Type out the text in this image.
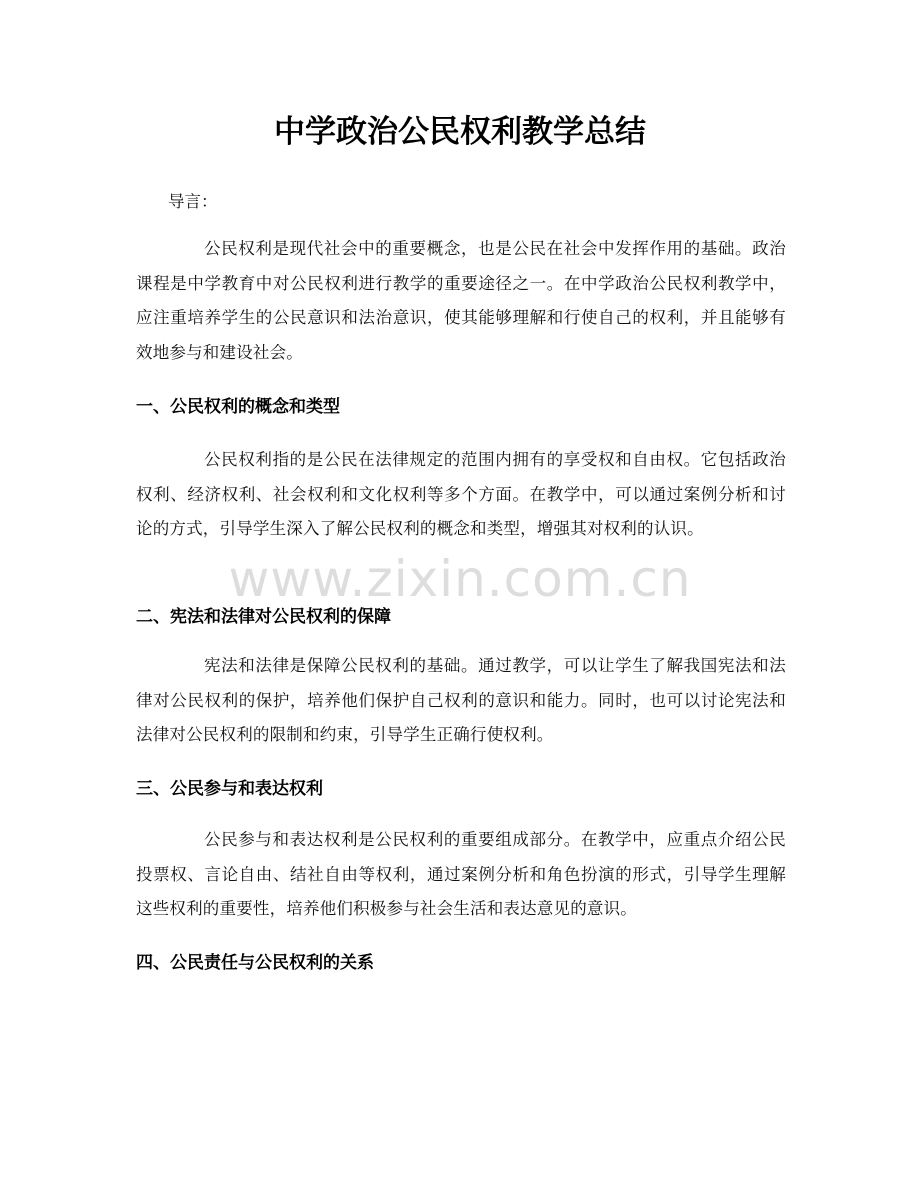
中学政治公民权利教学总结

导言：

公民权利是现代社会中的重要概念，也是公民在社会中发挥作用的基础。政治课程是中学教育中对公民权利进行教学的重要途径之一。在中学政治公民权利教学中，应注重培养学生的公民意识和法治意识，使其能够理解和行使自己的权利，并且能够有效地参与和建设社会。

一、公民权利的概念和类型

公民权利指的是公民在法律规定的范围内拥有的享受权和自由权。它包括政治权利、经济权利、社会权利和文化权利等多个方面。在教学中，可以通过案例分析和讨论的方式，引导学生深入了解公民权利的概念和类型，增强其对权利的认识。

二、宪法和法律对公民权利的保障

宪法和法律是保障公民权利的基础。通过教学，可以让学生了解我国宪法和法律对公民权利的保护，培养他们保护自己权利的意识和能力。同时，也可以讨论宪法和法律对公民权利的限制和约束，引导学生正确行使权利。

三、公民参与和表达权利

公民参与和表达权利是公民权利的重要组成部分。在教学中，应重点介绍公民投票权、言论自由、结社自由等权利，通过案例分析和角色扮演的形式，引导学生理解这些权利的重要性，培养他们积极参与社会生活和表达意见的意识。

四、公民责任与公民权利的关系
www.zixin.com.cn
